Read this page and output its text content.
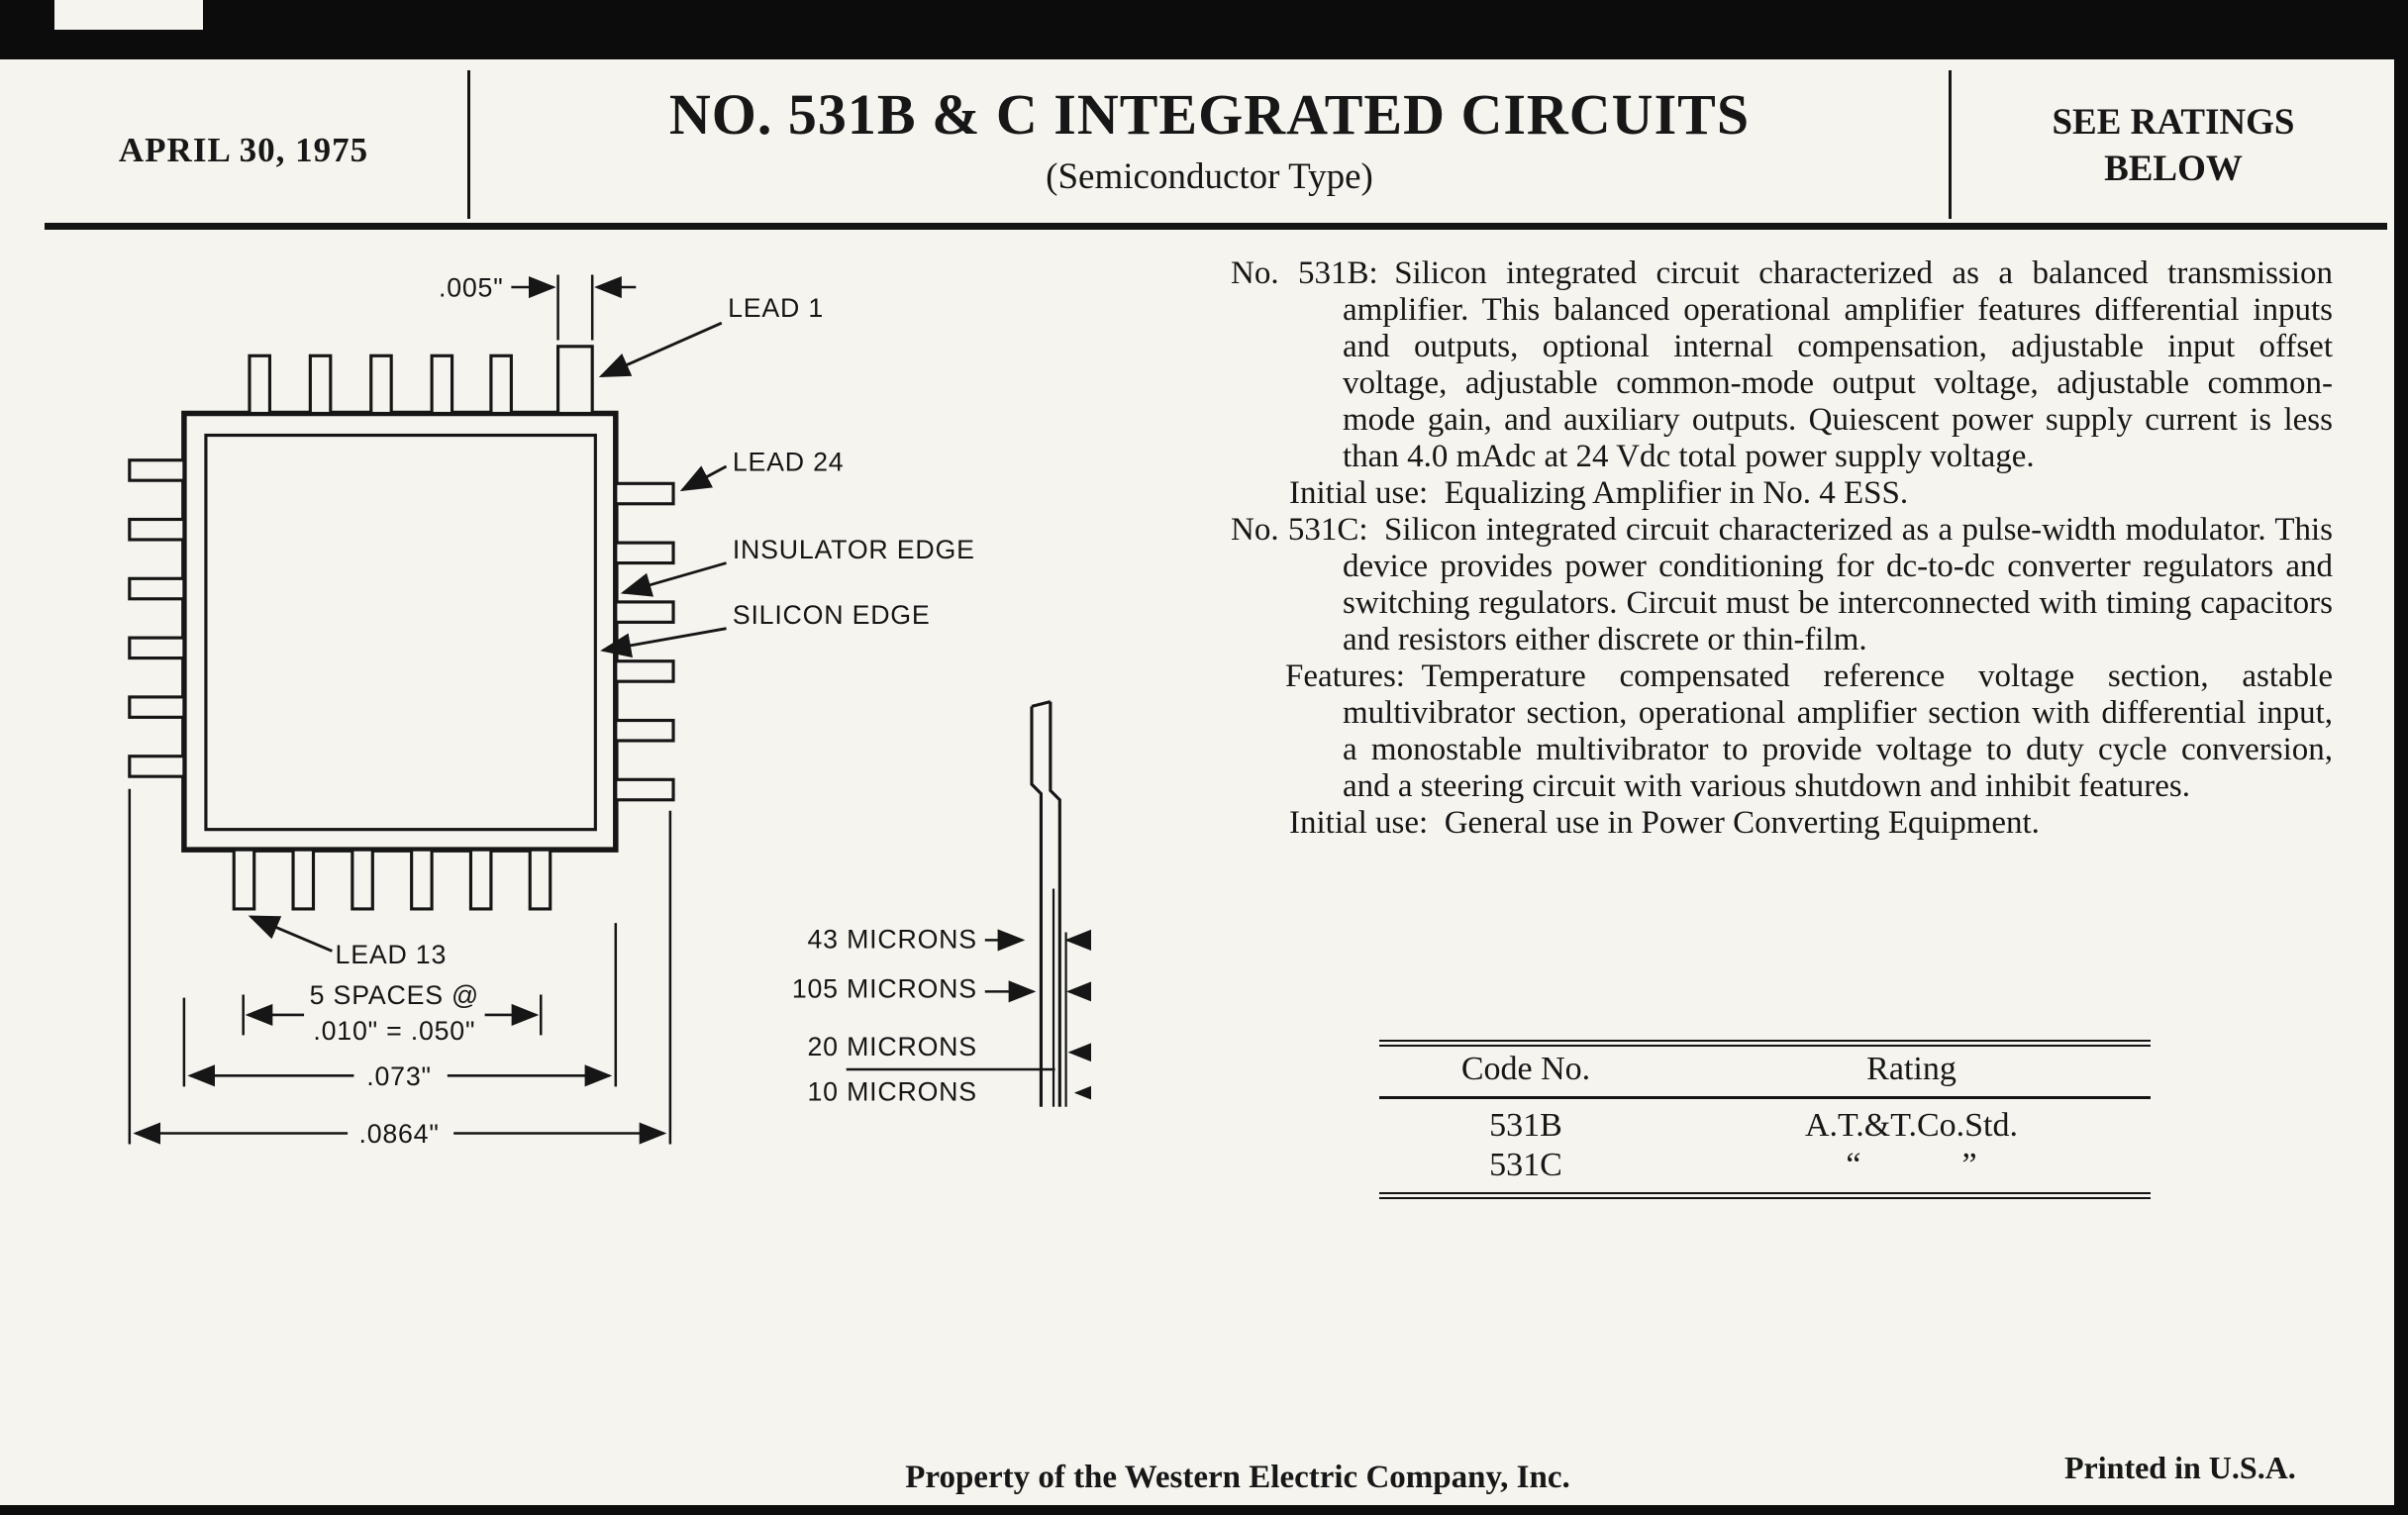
APRIL 30, 1975
NO. 531B & C INTEGRATED CIRCUITS
(Semiconductor Type)
SEE RATINGS
BELOW
.005"
LEAD 1
LEAD 24
INSULATOR EDGE
SILICON EDGE
LEAD 13
5 SPACES @
.010" = .050"
.073"
.0864"
43 MICRONS
105 MICRONS
20 MICRONS
10 MICRONS

No. 531B:  Silicon integrated circuit characterized as a balanced transmission amplifier. This balanced operational amplifier features differential inputs and outputs, optional internal compensation, adjustable input offset voltage, adjustable common-mode output voltage, adjustable common-mode gain, and auxiliary outputs. Quiescent power supply current is less than 4.0 mAdc at 24 Vdc total power supply voltage.

Initial use:  Equalizing Amplifier in No. 4 ESS.

No. 531C:  Silicon integrated circuit characterized as a pulse-width modulator. This device provides power conditioning for dc-to-dc converter regulators and switching regulators. Circuit must be interconnected with timing capacitors and resistors either discrete or thin-film.

Features:  Temperature compensated reference voltage section, astable multivibrator section, operational amplifier section with differential input, a monostable multivibrator to provide voltage to duty cycle conversion, and a steering circuit with various shutdown and inhibit features.

Initial use:  General use in Power Converting Equipment.

Code No.	Rating
531B	A.T.&T.Co.Std.
531C	“   ”
Property of the Western Electric Company, Inc.	Printed in U.S.A.
